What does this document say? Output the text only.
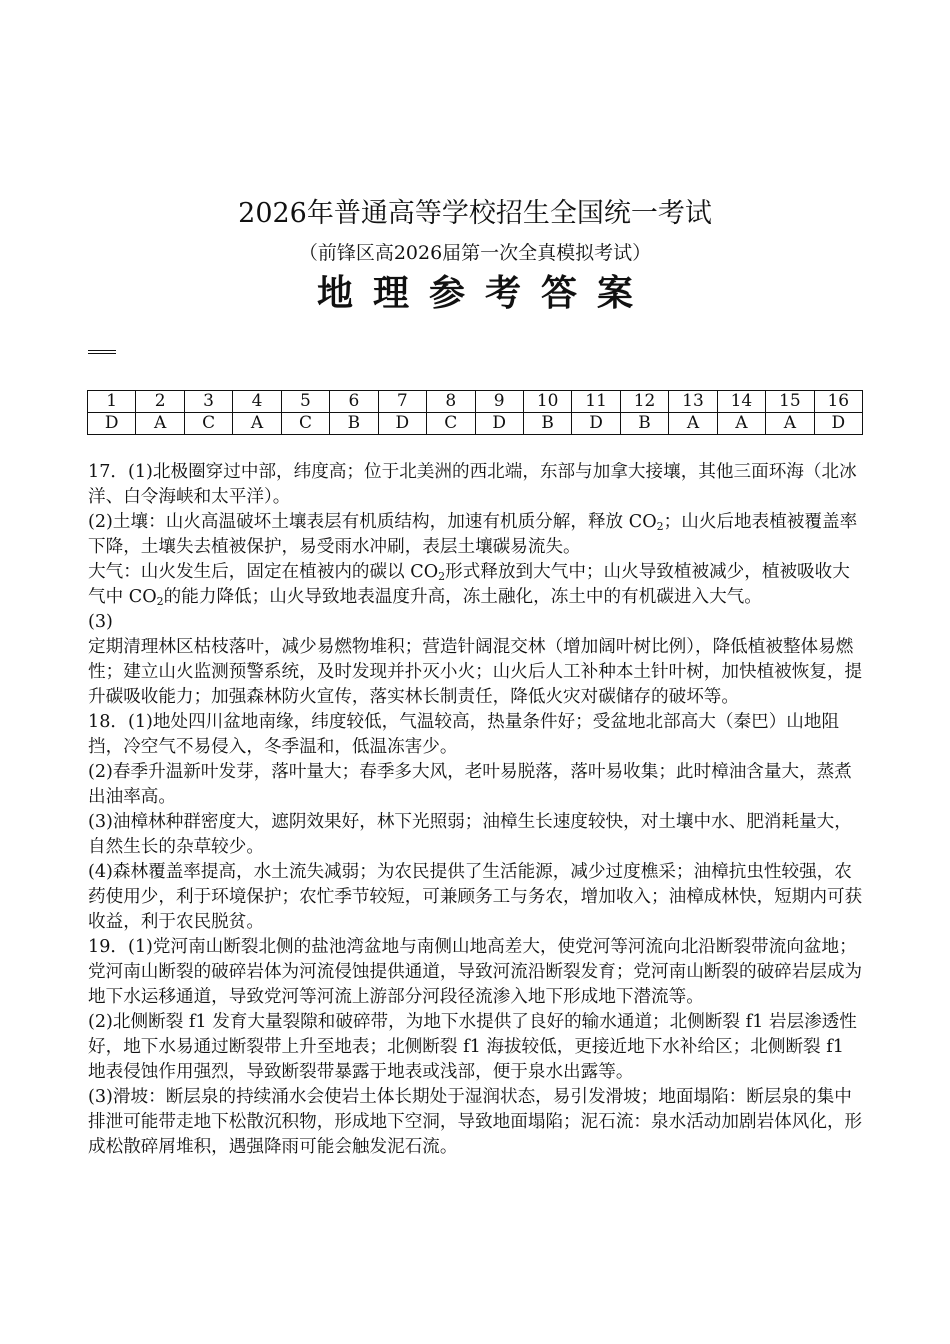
2026年普通高等学校招生全国统一考试
（前锋区高2026届第一次全真模拟考试）
地理参考答案
1	2	3	4	5	6	7	8	9	10	11	12	13	14	15	16
D	A	C	A	C	B	D	C	D	B	D	B	A	A	A	D

17．(1)北极圈穿过中部，纬度高；位于北美洲的西北端，东部与加拿大接壤，其他三面环海（北冰洋、白令海峡和太平洋）。

(2)土壤：山火高温破坏土壤表层有机质结构，加速有机质分解，释放 $CO_2$；山火后地表植被覆盖率下降，土壤失去植被保护，易受雨水冲刷，表层土壤碳易流失。

大气：山火发生后，固定在植被内的碳以 $CO_2$形式释放到大气中；山火导致植被减少，植被吸收大气中 $CO_2$的能力降低；山火导致地表温度升高，冻土融化，冻土中的有机碳进入大气。

(3)

定期清理林区枯枝落叶，减少易燃物堆积；营造针阔混交林（增加阔叶树比例），降低植被整体易燃性；建立山火监测预警系统，及时发现并扑灭小火；山火后人工补种本土针叶树，加快植被恢复，提升碳吸收能力；加强森林防火宣传，落实林长制责任，降低火灾对碳储存的破坏等。

18．(1)地处四川盆地南缘，纬度较低，气温较高，热量条件好；受盆地北部高大（秦巴）山地阻挡，冷空气不易侵入，冬季温和，低温冻害少。

(2)春季升温新叶发芽，落叶量大；春季多大风，老叶易脱落，落叶易收集；此时樟油含量大，蒸煮出油率高。

(3)油樟林种群密度大，遮阴效果好，林下光照弱；油樟生长速度较快，对土壤中水、肥消耗量大，自然生长的杂草较少。

(4)森林覆盖率提高，水土流失减弱；为农民提供了生活能源，减少过度樵采；油樟抗虫性较强，农药使用少，利于环境保护；农忙季节较短，可兼顾务工与务农，增加收入；油樟成林快，短期内可获收益，利于农民脱贫。

19．(1)党河南山断裂北侧的盐池湾盆地与南侧山地高差大，使党河等河流向北沿断裂带流向盆地；党河南山断裂的破碎岩体为河流侵蚀提供通道，导致河流沿断裂发育；党河南山断裂的破碎岩层成为地下水运移通道，导致党河等河流上游部分河段径流渗入地下形成地下潜流等。

(2)北侧断裂 f1 发育大量裂隙和破碎带，为地下水提供了良好的输水通道；北侧断裂 f1 岩层渗透性好，地下水易通过断裂带上升至地表；北侧断裂 f1 海拔较低，更接近地下水补给区；北侧断裂 f1 地表侵蚀作用强烈，导致断裂带暴露于地表或浅部，便于泉水出露等。

(3)滑坡：断层泉的持续涌水会使岩土体长期处于湿润状态，易引发滑坡；地面塌陷：断层泉的集中排泄可能带走地下松散沉积物，形成地下空洞，导致地面塌陷；泥石流：泉水活动加剧岩体风化，形成松散碎屑堆积，遇强降雨可能会触发泥石流。
